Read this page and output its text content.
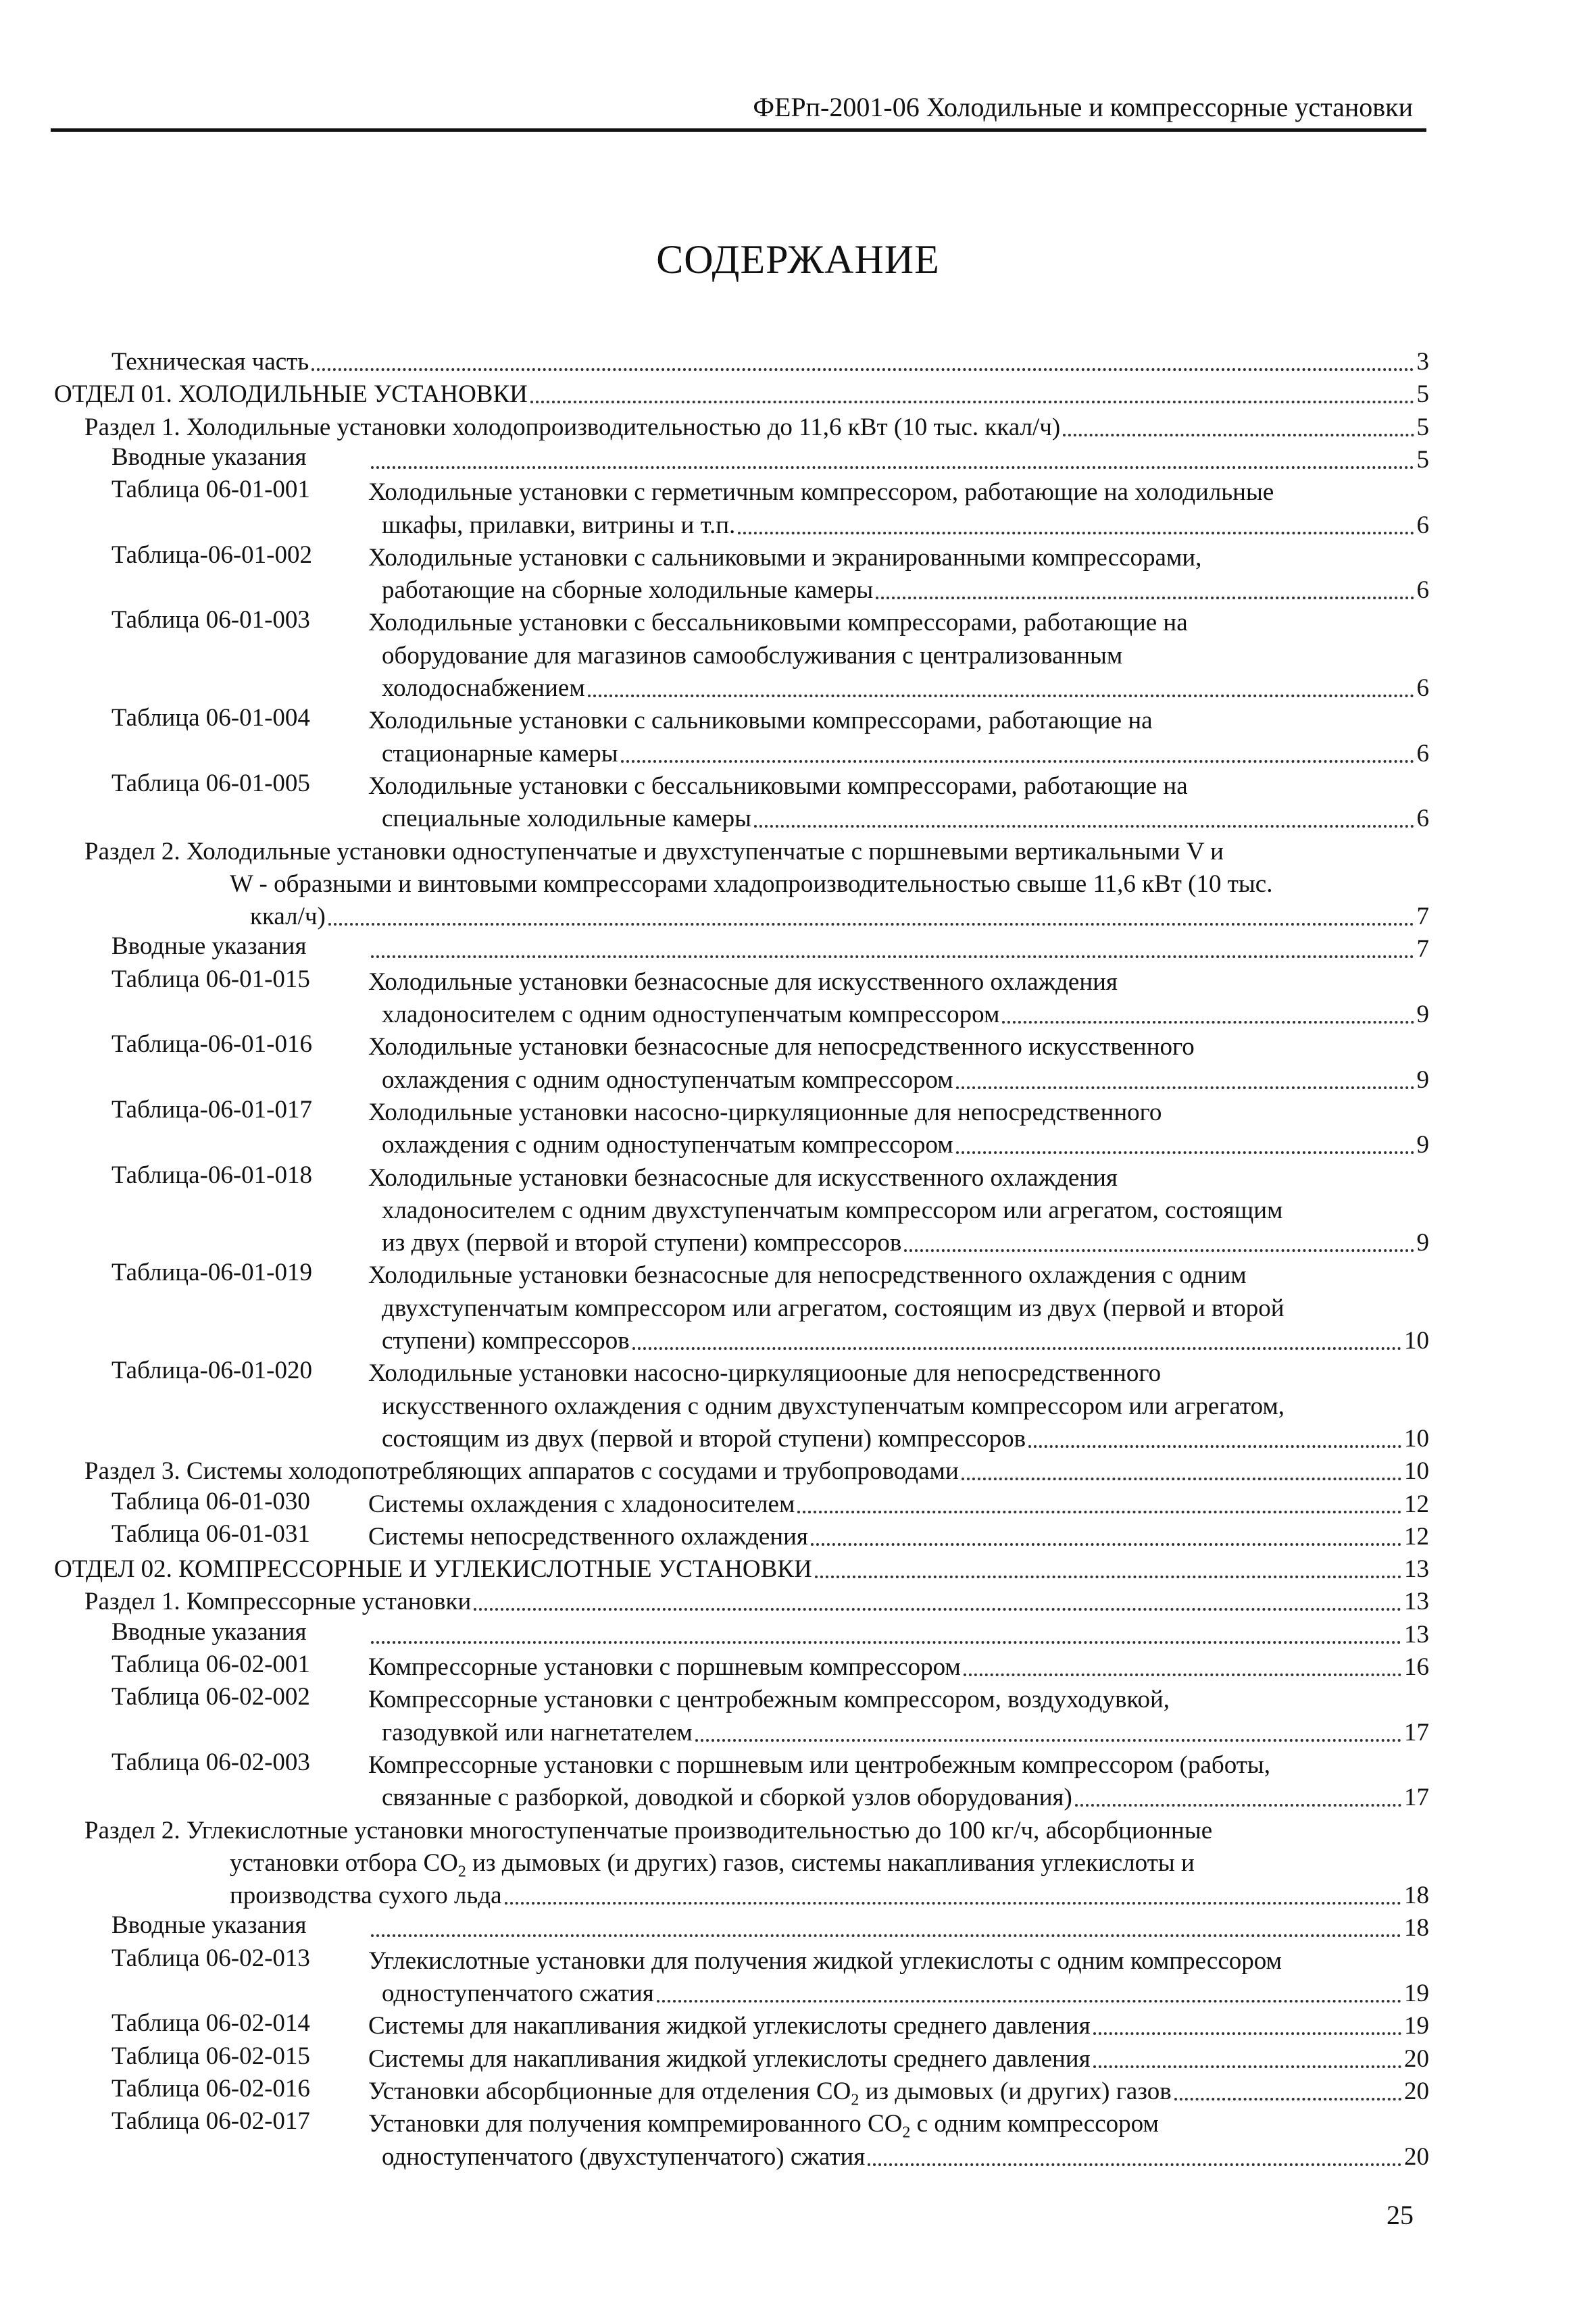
ФЕРп-2001-06 Холодильные и компрессорные установки
СОДЕРЖАНИЕ
Техническая часть	3
ОТДЕЛ 01. ХОЛОДИЛЬНЫЕ УСТАНОВКИ	5
Раздел 1. Холодильные установки холодопроизводительностью до 11,6 кВт (10 тыс. ккал/ч)	5
Вводные указания	5
Таблица 06-01-001 Холодильные установки с герметичным компрессором, работающие на холодильные
шкафы, прилавки, витрины и т.п.	6
Таблица-06-01-002 Холодильные установки с сальниковыми и экранированными компрессорами,
работающие на сборные холодильные камеры	6
Таблица 06-01-003 Холодильные установки с бессальниковыми компрессорами, работающие на
оборудование для магазинов самообслуживания с централизованным
холодоснабжением	6
Таблица 06-01-004 Холодильные установки с сальниковыми компрессорами, работающие на
стационарные камеры	6
Таблица 06-01-005 Холодильные установки с бессальниковыми компрессорами, работающие на
специальные холодильные камеры	6
Раздел 2. Холодильные установки одноступенчатые и двухступенчатые с поршневыми вертикальными V и
W - образными и винтовыми компрессорами хладопроизводительностью свыше 11,6 кВт (10 тыс.
ккал/ч)	7
Вводные указания	7
Таблица 06-01-015 Холодильные установки безнасосные для искусственного охлаждения
хладоносителем с одним одноступенчатым компрессором	9
Таблица-06-01-016 Холодильные установки безнасосные для непосредственного искусственного
охлаждения с одним одноступенчатым компрессором	9
Таблица-06-01-017 Холодильные установки насосно-циркуляционные для непосредственного
охлаждения с одним одноступенчатым компрессором	9
Таблица-06-01-018 Холодильные установки безнасосные для искусственного охлаждения
хладоносителем с одним двухступенчатым компрессором или агрегатом, состоящим
из двух (первой и второй ступени) компрессоров	9
Таблица-06-01-019 Холодильные установки безнасосные для непосредственного охлаждения с одним
двухступенчатым компрессором или агрегатом, состоящим из двух (первой и второй
ступени) компрессоров	10
Таблица-06-01-020 Холодильные установки насосно-циркуляциооные для непосредственного
искусственного охлаждения с одним двухступенчатым компрессором или агрегатом,
состоящим из двух (первой и второй ступени) компрессоров	10
Раздел 3. Системы холодопотребляющих аппаратов с сосудами и трубопроводами	10
Таблица 06-01-030 Системы охлаждения с хладоносителем	12
Таблица 06-01-031 Системы непосредственного охлаждения	12
ОТДЕЛ 02. КОМПРЕССОРНЫЕ И УГЛЕКИСЛОТНЫЕ УСТАНОВКИ	13
Раздел 1. Компрессорные установки	13
Вводные указания	13
Таблица 06-02-001 Компрессорные установки с поршневым компрессором	16
Таблица 06-02-002 Компрессорные установки с центробежным компрессором, воздуходувкой,
газодувкой или нагнетателем	17
Таблица 06-02-003 Компрессорные установки с поршневым или центробежным компрессором (работы,
связанные с разборкой, доводкой и сборкой узлов оборудования)	17
Раздел 2. Углекислотные установки многоступенчатые производительностью до 100 кг/ч, абсорбционные
установки отбора $CO_2$ из дымовых (и других) газов, системы накапливания углекислоты и
производства сухого льда	18
Вводные указания	18
Таблица 06-02-013 Углекислотные установки для получения жидкой углекислоты с одним компрессором
одноступенчатого сжатия	19
Таблица 06-02-014 Системы для накапливания жидкой углекислоты среднего давления	19
Таблица 06-02-015 Системы для накапливания жидкой углекислоты среднего давления	20
Таблица 06-02-016 Установки абсорбционные для отделения $CO_2$ из дымовых (и других) газов	20
Таблица 06-02-017 Установки для получения компремированного $CO_2$ с одним компрессором
одноступенчатого (двухступенчатого) сжатия	20
25
